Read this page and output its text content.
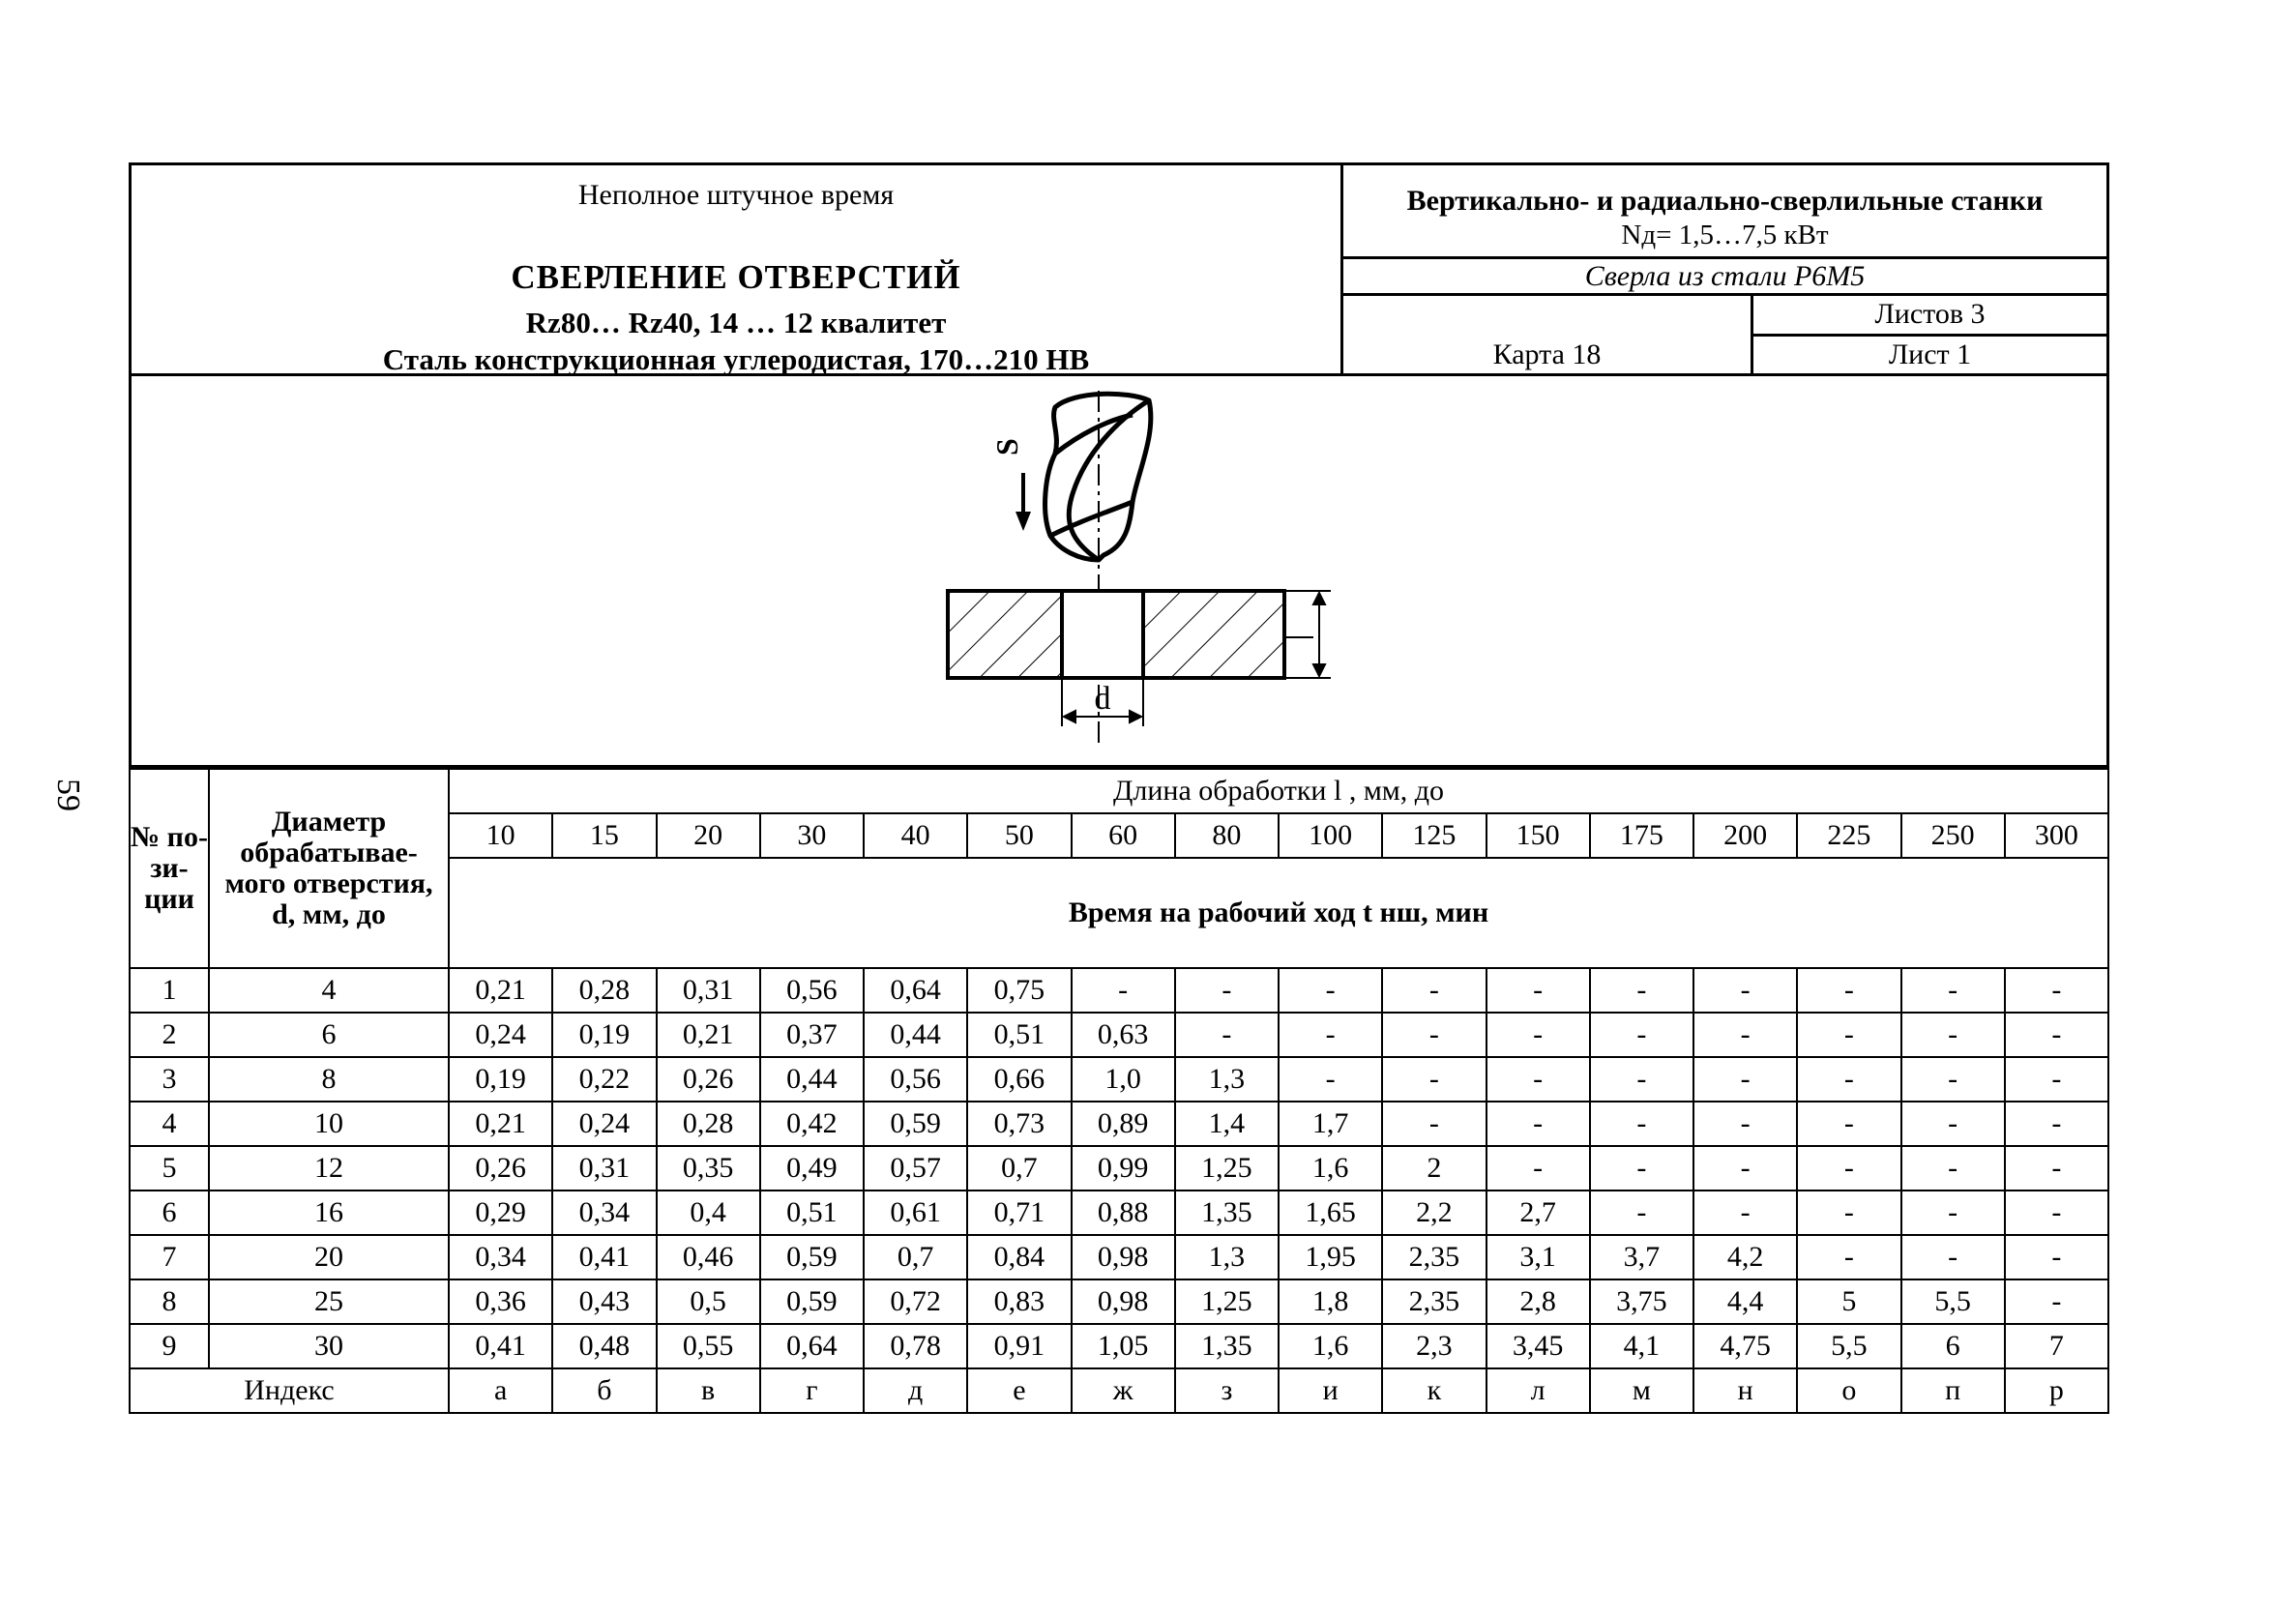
59
Неполное штучное время
СВЕРЛЕНИЕ ОТВЕРСТИЙ
Rz80… Rz40, 14 … 12 квалитет
Сталь конструкционная углеродистая, 170…210 HB
Вертикально- и радиально-сверлильные станки
Nд= 1,5…7,5 кВт
Сверла из стали Р6М5
Карта 18
Листов 3
Лист 1
S
d
№ по-зи-ции	Диаметр обрабатывае-мого отверстия, d, мм, до	Длина обработки l , мм, до															
		10	15	20	30	40	50	60	80	100	125	150	175	200	225	250	300
		Время на рабочий ход t нш, мин															
1	4	0,21	0,28	0,31	0,56	0,64	0,75	-	-	-	-	-	-	-	-	-	-
2	6	0,24	0,19	0,21	0,37	0,44	0,51	0,63	-	-	-	-	-	-	-	-	-
3	8	0,19	0,22	0,26	0,44	0,56	0,66	1,0	1,3	-	-	-	-	-	-	-	-
4	10	0,21	0,24	0,28	0,42	0,59	0,73	0,89	1,4	1,7	-	-	-	-	-	-	-
5	12	0,26	0,31	0,35	0,49	0,57	0,7	0,99	1,25	1,6	2	-	-	-	-	-	-
6	16	0,29	0,34	0,4	0,51	0,61	0,71	0,88	1,35	1,65	2,2	2,7	-	-	-	-	-
7	20	0,34	0,41	0,46	0,59	0,7	0,84	0,98	1,3	1,95	2,35	3,1	3,7	4,2	-	-	-
8	25	0,36	0,43	0,5	0,59	0,72	0,83	0,98	1,25	1,8	2,35	2,8	3,75	4,4	5	5,5	-
9	30	0,41	0,48	0,55	0,64	0,78	0,91	1,05	1,35	1,6	2,3	3,45	4,1	4,75	5,5	6	7
Индекс		а	б	в	г	д	е	ж	з	и	к	л	м	н	о	п	р
